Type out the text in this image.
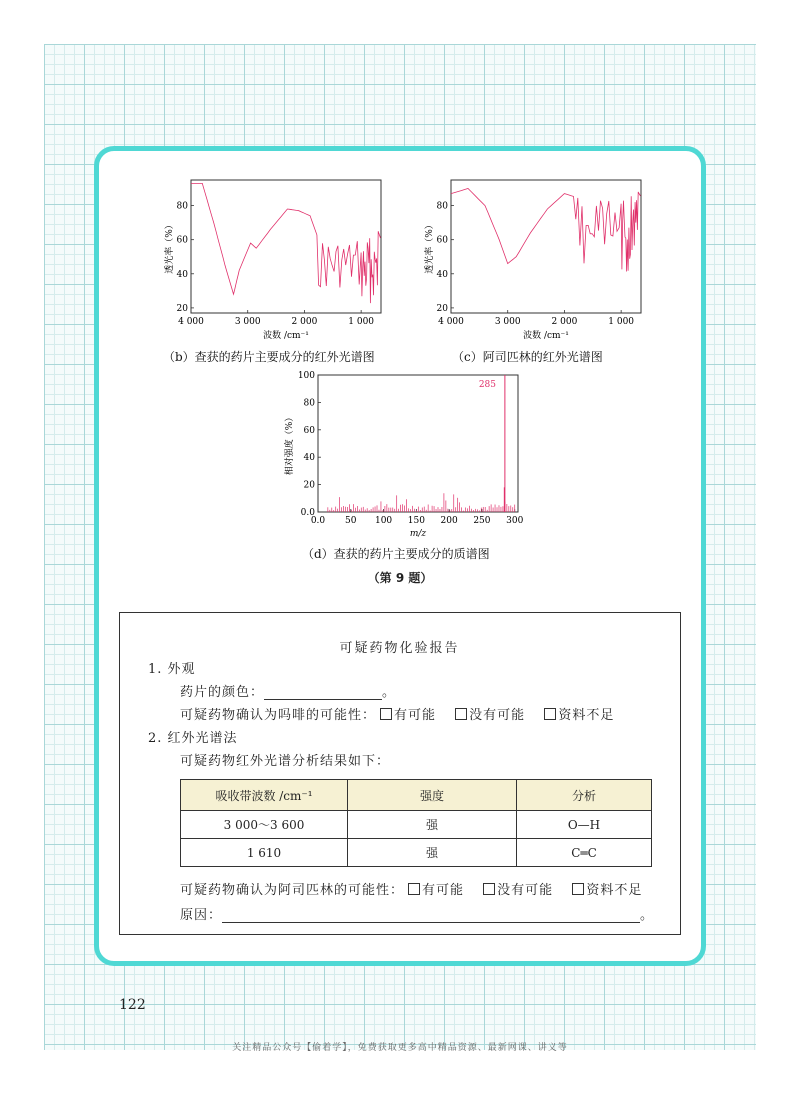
80
60
40
20
4 000	3 000	2 000	1 000
透光率（%）
波数 /cm⁻¹
（b）查获的药片主要成分的红外光谱图
80
60
40
20
4 000	3 000	2 000	1 000
透光率（%）
波数 /cm⁻¹
（c）阿司匹林的红外光谱图
100
80
60
40
20
0.0
0.0 50 100 150 200 250 300
285
相对强度（%）
m/z
（d）查获的药片主要成分的质谱图
（第 9 题）
可疑药物化验报告
1. 外观
药片的颜色：	。
可疑药物确认为吗啡的可能性： 有可能	没有可能	资料不足
2. 红外光谱法
可疑药物红外光谱分析结果如下：
吸收带波数 /cm⁻¹	强度	分析
3 000～3 600	强	O—H
1 610	强	C═C
可疑药物确认为阿司匹林的可能性： 有可能	没有可能	资料不足
原因：	。
122
关注精品公众号【偷着学】，免费获取更多高中精品资源、最新网课、讲义等
